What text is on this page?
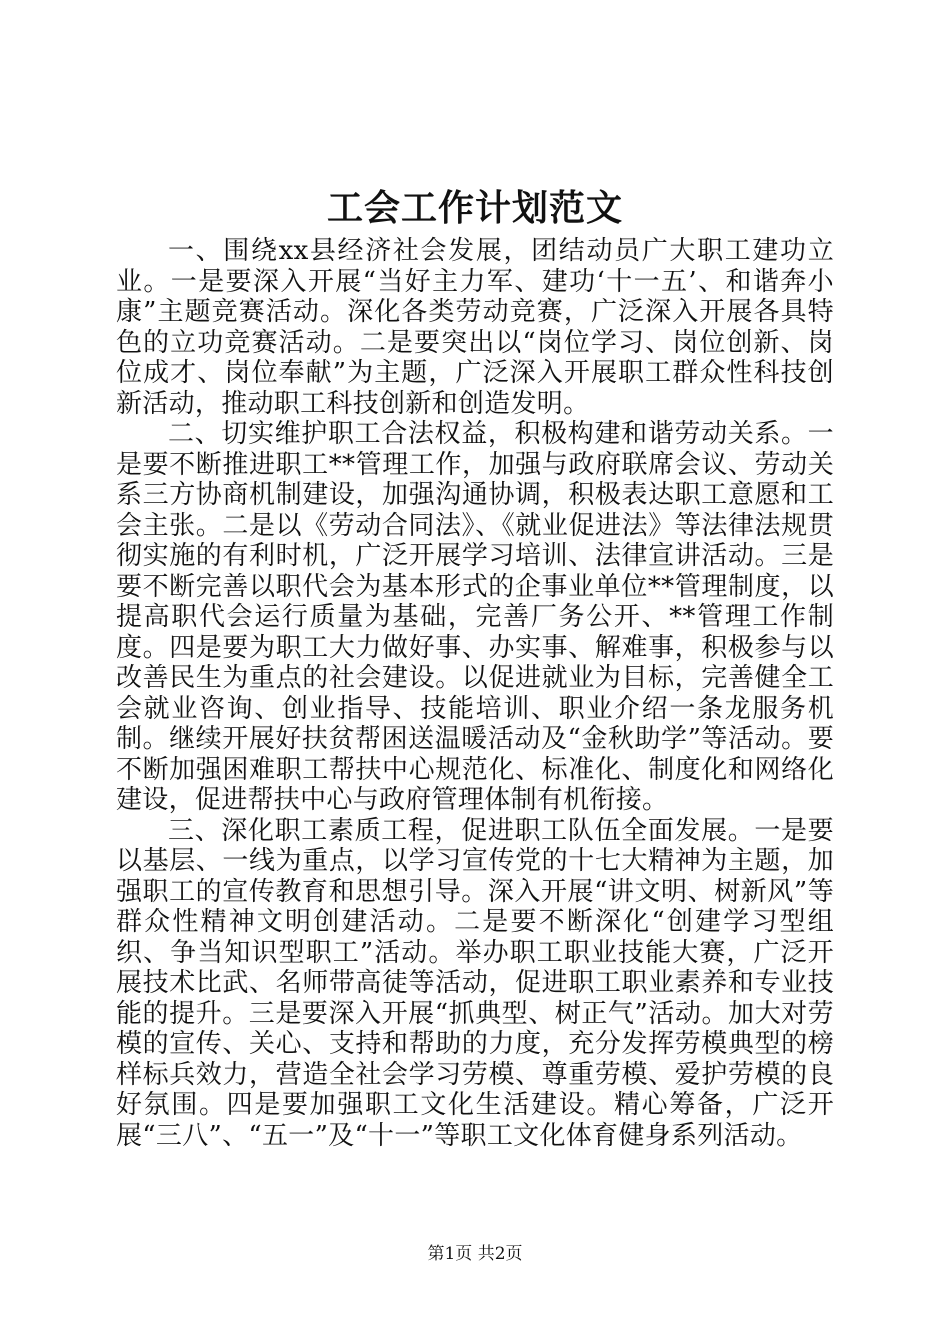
工会工作计划范文

一、围绕xx县经济社会发展，团结动员广大职工建功立业。一是要深入开展“当好主力军、建功‘十一五’、和谐奔小康”主题竞赛活动。深化各类劳动竞赛，广泛深入开展各具特色的立功竞赛活动。二是要突出以“岗位学习、岗位创新、岗位成才、岗位奉献”为主题，广泛深入开展职工群众性科技创新活动，推动职工科技创新和创造发明。

二、切实维护职工合法权益，积极构建和谐劳动关系。一是要不断推进职工**管理工作，加强与政府联席会议、劳动关系三方协商机制建设，加强沟通协调，积极表达职工意愿和工会主张。二是以《劳动合同法》、《就业促进法》等法律法规贯彻实施的有利时机，广泛开展学习培训、法律宣讲活动。三是要不断完善以职代会为基本形式的企事业单位**管理制度，以提高职代会运行质量为基础，完善厂务公开、**管理工作制度。四是要为职工大力做好事、办实事、解难事，积极参与以改善民生为重点的社会建设。以促进就业为目标，完善健全工会就业咨询、创业指导、技能培训、职业介绍一条龙服务机制。继续开展好扶贫帮困送温暖活动及“金秋助学”等活动。要不断加强困难职工帮扶中心规范化、标准化、制度化和网络化建设，促进帮扶中心与政府管理体制有机衔接。

三、深化职工素质工程，促进职工队伍全面发展。一是要以基层、一线为重点，以学习宣传党的十七大精神为主题，加强职工的宣传教育和思想引导。深入开展“讲文明、树新风”等群众性精神文明创建活动。二是要不断深化“创建学习型组织、争当知识型职工”活动。举办职工职业技能大赛，广泛开展技术比武、名师带高徒等活动，促进职工职业素养和专业技能的提升。三是要深入开展“抓典型、树正气”活动。加大对劳模的宣传、关心、支持和帮助的力度，充分发挥劳模典型的榜样标兵效力，营造全社会学习劳模、尊重劳模、爱护劳模的良好氛围。四是要加强职工文化生活建设。精心筹备，广泛开展“三八”、“五一”及“十一”等职工文化体育健身系列活动。

第1页 共2页
